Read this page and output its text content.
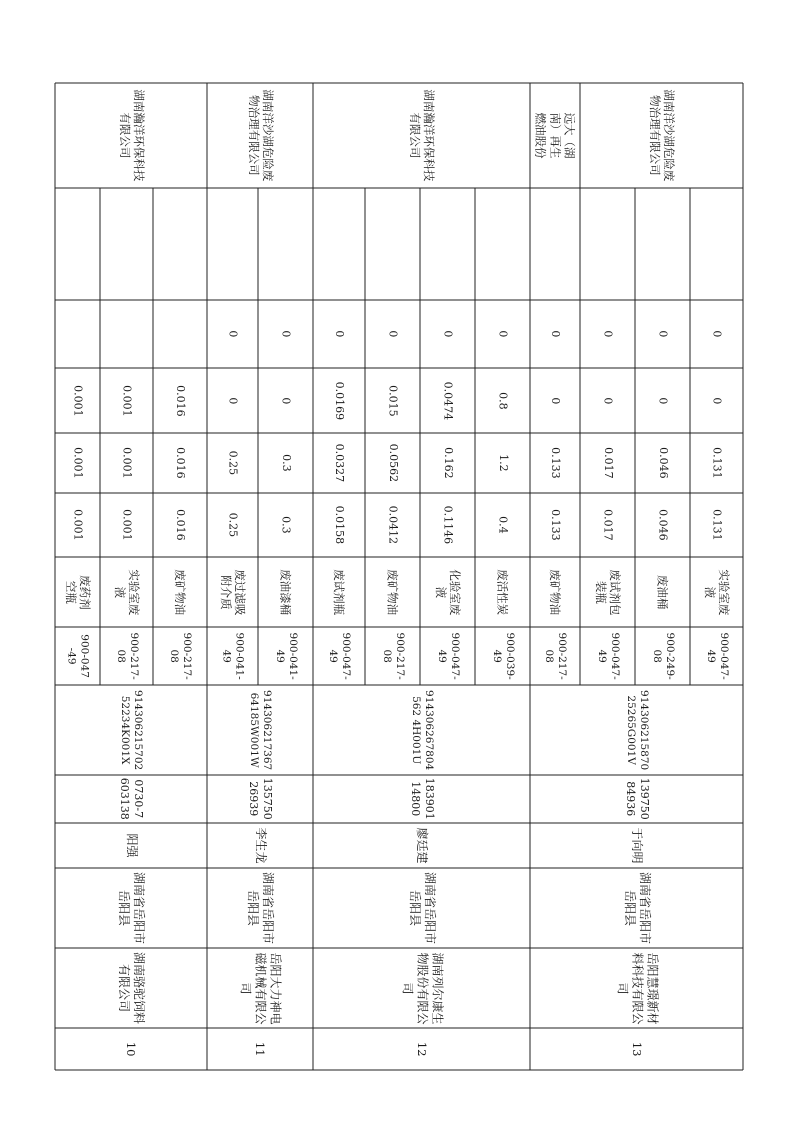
10
湖南骆驼饲料有限公司
湖南省岳阳市岳阳县
阳强
0730-7603138
91430621570252234K001X
900-047-49
废药剂空瓶
0.001
0.001
0.001
900-217-08
实验室废液
0.001
0.001
0.001
900-217-08
废矿物油
0.016
0.016
0.016
湖南瀚洋环保科技有限公司
11
岳阳大力神电磁机械有限公司
湖南省岳阳市岳阳县
李生龙
13575026939
91430621736764185W001W
900-041-49
废过滤吸附介质
0.25
0.25
0
0
900-041-49
废油漆桶
0.3
0.3
0
0
湖南洋沙湖危险废物治理有限公司
12
湖南列尔康生物股份有限公司
湖南省岳阳市岳阳县
廖廷建
18390114800
914306267804562 4H001U
900-047-49
废试剂瓶
0.0158
0.0327
0.0169
0
900-217-08
废矿物油
0.0412
0.0562
0.015
0
900-047-49
化验室废液
0.1146
0.162
0.0474
0
900-039-49
废活性炭
0.4
1.2
0.8
0
湖南瀚洋环保科技有限公司
13
岳阳慧璟新材料科技有限公司
湖南省岳阳市岳阳县
于向明
13975084936
91430621587025265G001V
900-217-08
废矿物油
0.133
0.133
0
0
900-047-49
废试剂包装瓶
0.017
0.017
0
0
900-249-08
废油桶
0.046
0.046
0
0
900-047-49
实验室废液
0.131
0.131
0
0
远大（湖南）再生燃油股份	湖南洋沙湖危险废物治理有限公司
